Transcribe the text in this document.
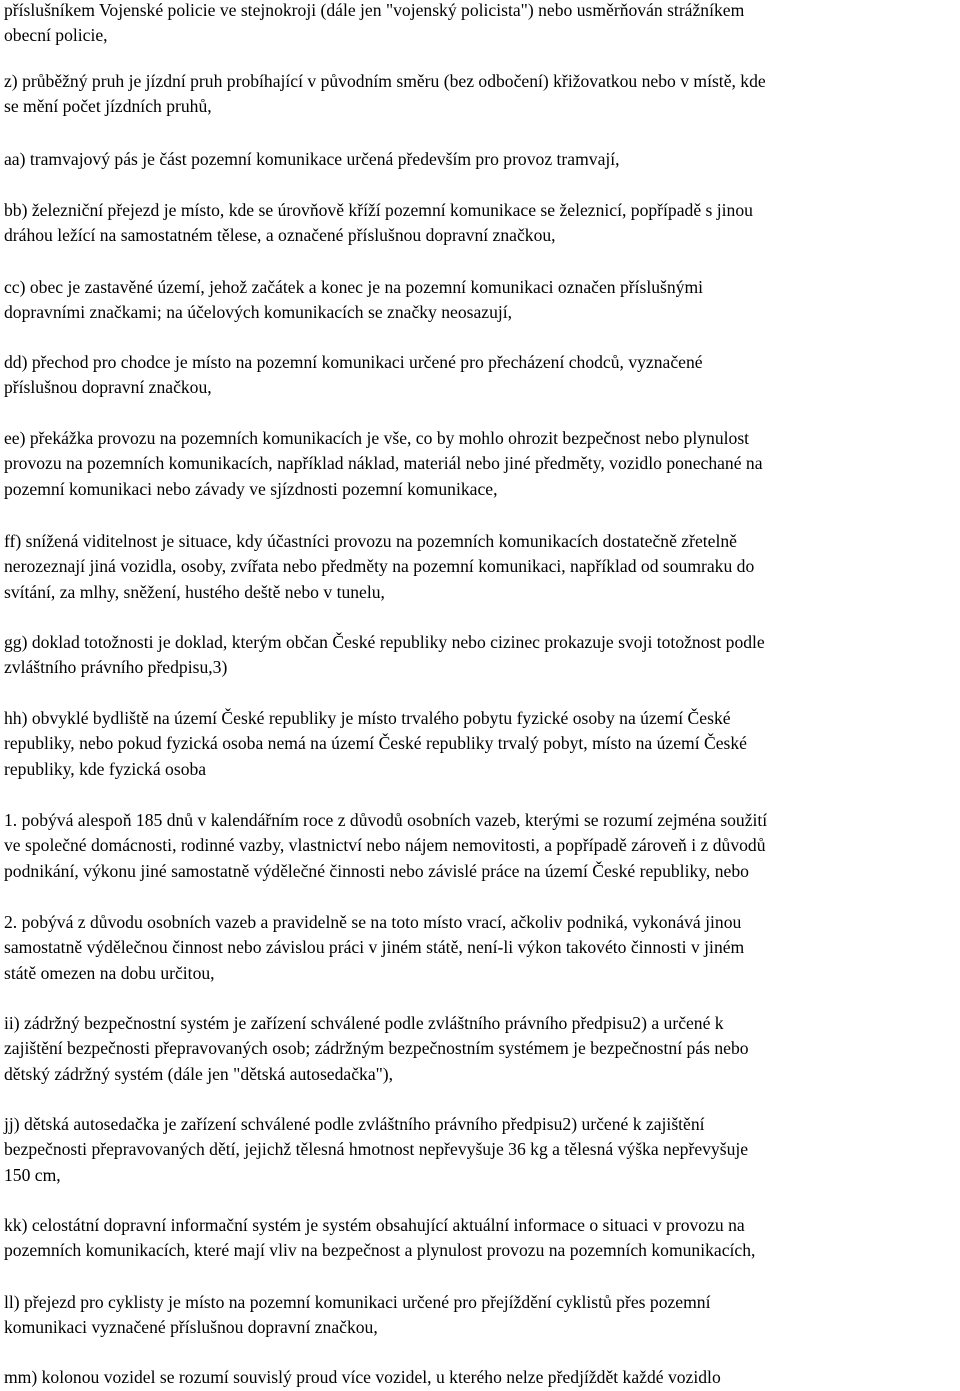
příslušníkem Vojenské policie ve stejnokroji (dále jen "vojenský policista") nebo usměrňován strážníkem
obecní policie,
z) průběžný pruh je jízdní pruh probíhající v původním směru (bez odbočení) křižovatkou nebo v místě, kde
se mění počet jízdních pruhů,
aa) tramvajový pás je část pozemní komunikace určená především pro provoz tramvají,
bb) železniční přejezd je místo, kde se úrovňově kříží pozemní komunikace se železnicí, popřípadě s jinou
dráhou ležící na samostatném tělese, a označené příslušnou dopravní značkou,
cc) obec je zastavěné území, jehož začátek a konec je na pozemní komunikaci označen příslušnými
dopravními značkami; na účelových komunikacích se značky neosazují,
dd) přechod pro chodce je místo na pozemní komunikaci určené pro přecházení chodců, vyznačené
příslušnou dopravní značkou,
ee) překážka provozu na pozemních komunikacích je vše, co by mohlo ohrozit bezpečnost nebo plynulost
provozu na pozemních komunikacích, například náklad, materiál nebo jiné předměty, vozidlo ponechané na
pozemní komunikaci nebo závady ve sjízdnosti pozemní komunikace,
ff) snížená viditelnost je situace, kdy účastníci provozu na pozemních komunikacích dostatečně zřetelně
nerozeznají jiná vozidla, osoby, zvířata nebo předměty na pozemní komunikaci, například od soumraku do
svítání, za mlhy, sněžení, hustého deště nebo v tunelu,
gg) doklad totožnosti je doklad, kterým občan České republiky nebo cizinec prokazuje svoji totožnost podle
zvláštního právního předpisu,3)
hh) obvyklé bydliště na území České republiky je místo trvalého pobytu fyzické osoby na území České
republiky, nebo pokud fyzická osoba nemá na území České republiky trvalý pobyt, místo na území České
republiky, kde fyzická osoba
1. pobývá alespoň 185 dnů v kalendářním roce z důvodů osobních vazeb, kterými se rozumí zejména soužití
ve společné domácnosti, rodinné vazby, vlastnictví nebo nájem nemovitosti, a popřípadě zároveň i z důvodů
podnikání, výkonu jiné samostatně výdělečné činnosti nebo závislé práce na území České republiky, nebo
2. pobývá z důvodu osobních vazeb a pravidelně se na toto místo vrací, ačkoliv podniká, vykonává jinou
samostatně výdělečnou činnost nebo závislou práci v jiném státě, není-li výkon takovéto činnosti v jiném
státě omezen na dobu určitou,
ii) zádržný bezpečnostní systém je zařízení schválené podle zvláštního právního předpisu2) a určené k
zajištění bezpečnosti přepravovaných osob; zádržným bezpečnostním systémem je bezpečnostní pás nebo
dětský zádržný systém (dále jen "dětská autosedačka"),
jj) dětská autosedačka je zařízení schválené podle zvláštního právního předpisu2) určené k zajištění
bezpečnosti přepravovaných dětí, jejichž tělesná hmotnost nepřevyšuje 36 kg a tělesná výška nepřevyšuje
150 cm,
kk) celostátní dopravní informační systém je systém obsahující aktuální informace o situaci v provozu na
pozemních komunikacích, které mají vliv na bezpečnost a plynulost provozu na pozemních komunikacích,
ll) přejezd pro cyklisty je místo na pozemní komunikaci určené pro přejíždění cyklistů přes pozemní
komunikaci vyznačené příslušnou dopravní značkou,
mm) kolonou vozidel se rozumí souvislý proud více vozidel, u kterého nelze předjíždět každé vozidlo
